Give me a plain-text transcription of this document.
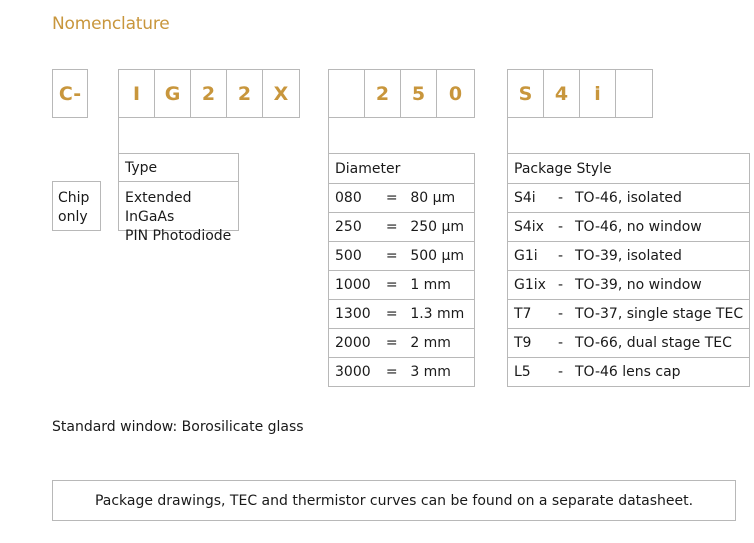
Nomenclature
C-	I	G	2	2	X	2	5	0	S	4	i
Chip
only
Type
Extended InGaAs
PIN Photodiode
Diameter		
080	=	80 μm
250	=	250 μm
500	=	500 μm
1000	=	1 mm
1300	=	1.3 mm
2000	=	2 mm
3000	=	3 mm
Package Style		
S4i	-	TO-46, isolated
S4ix	-	TO-46, no window
G1i	-	TO-39, isolated
G1ix	-	TO-39, no window
T7	-	TO-37, single stage TEC
T9	-	TO-66, dual stage TEC
L5	-	TO-46 lens cap
Standard window: Borosilicate glass
Package drawings, TEC and thermistor curves can be found on a separate datasheet.
